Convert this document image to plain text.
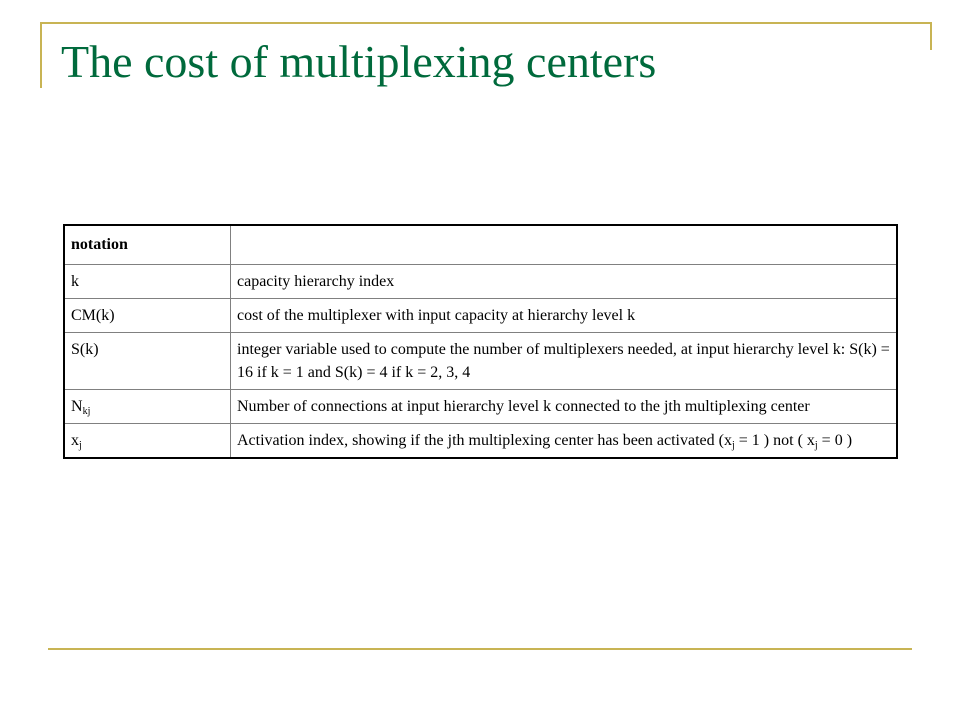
The cost of multiplexing centers
notation	
k	capacity hierarchy index
CM(k)	cost of the multiplexer with input capacity at hierarchy level k
S(k)	integer variable used to compute the number of multiplexers needed, at input hierarchy level k: S(k) = 16 if k = 1 and S(k) = 4 if k = 2, 3, 4
$N_{kj}$	Number of connections at input hierarchy level k connected to the jth multiplexing center
$x_j$	Activation index, showing if the jth multiplexing center has been activated ($x_j = 1$ ) not ( $x_j = 0$ )
